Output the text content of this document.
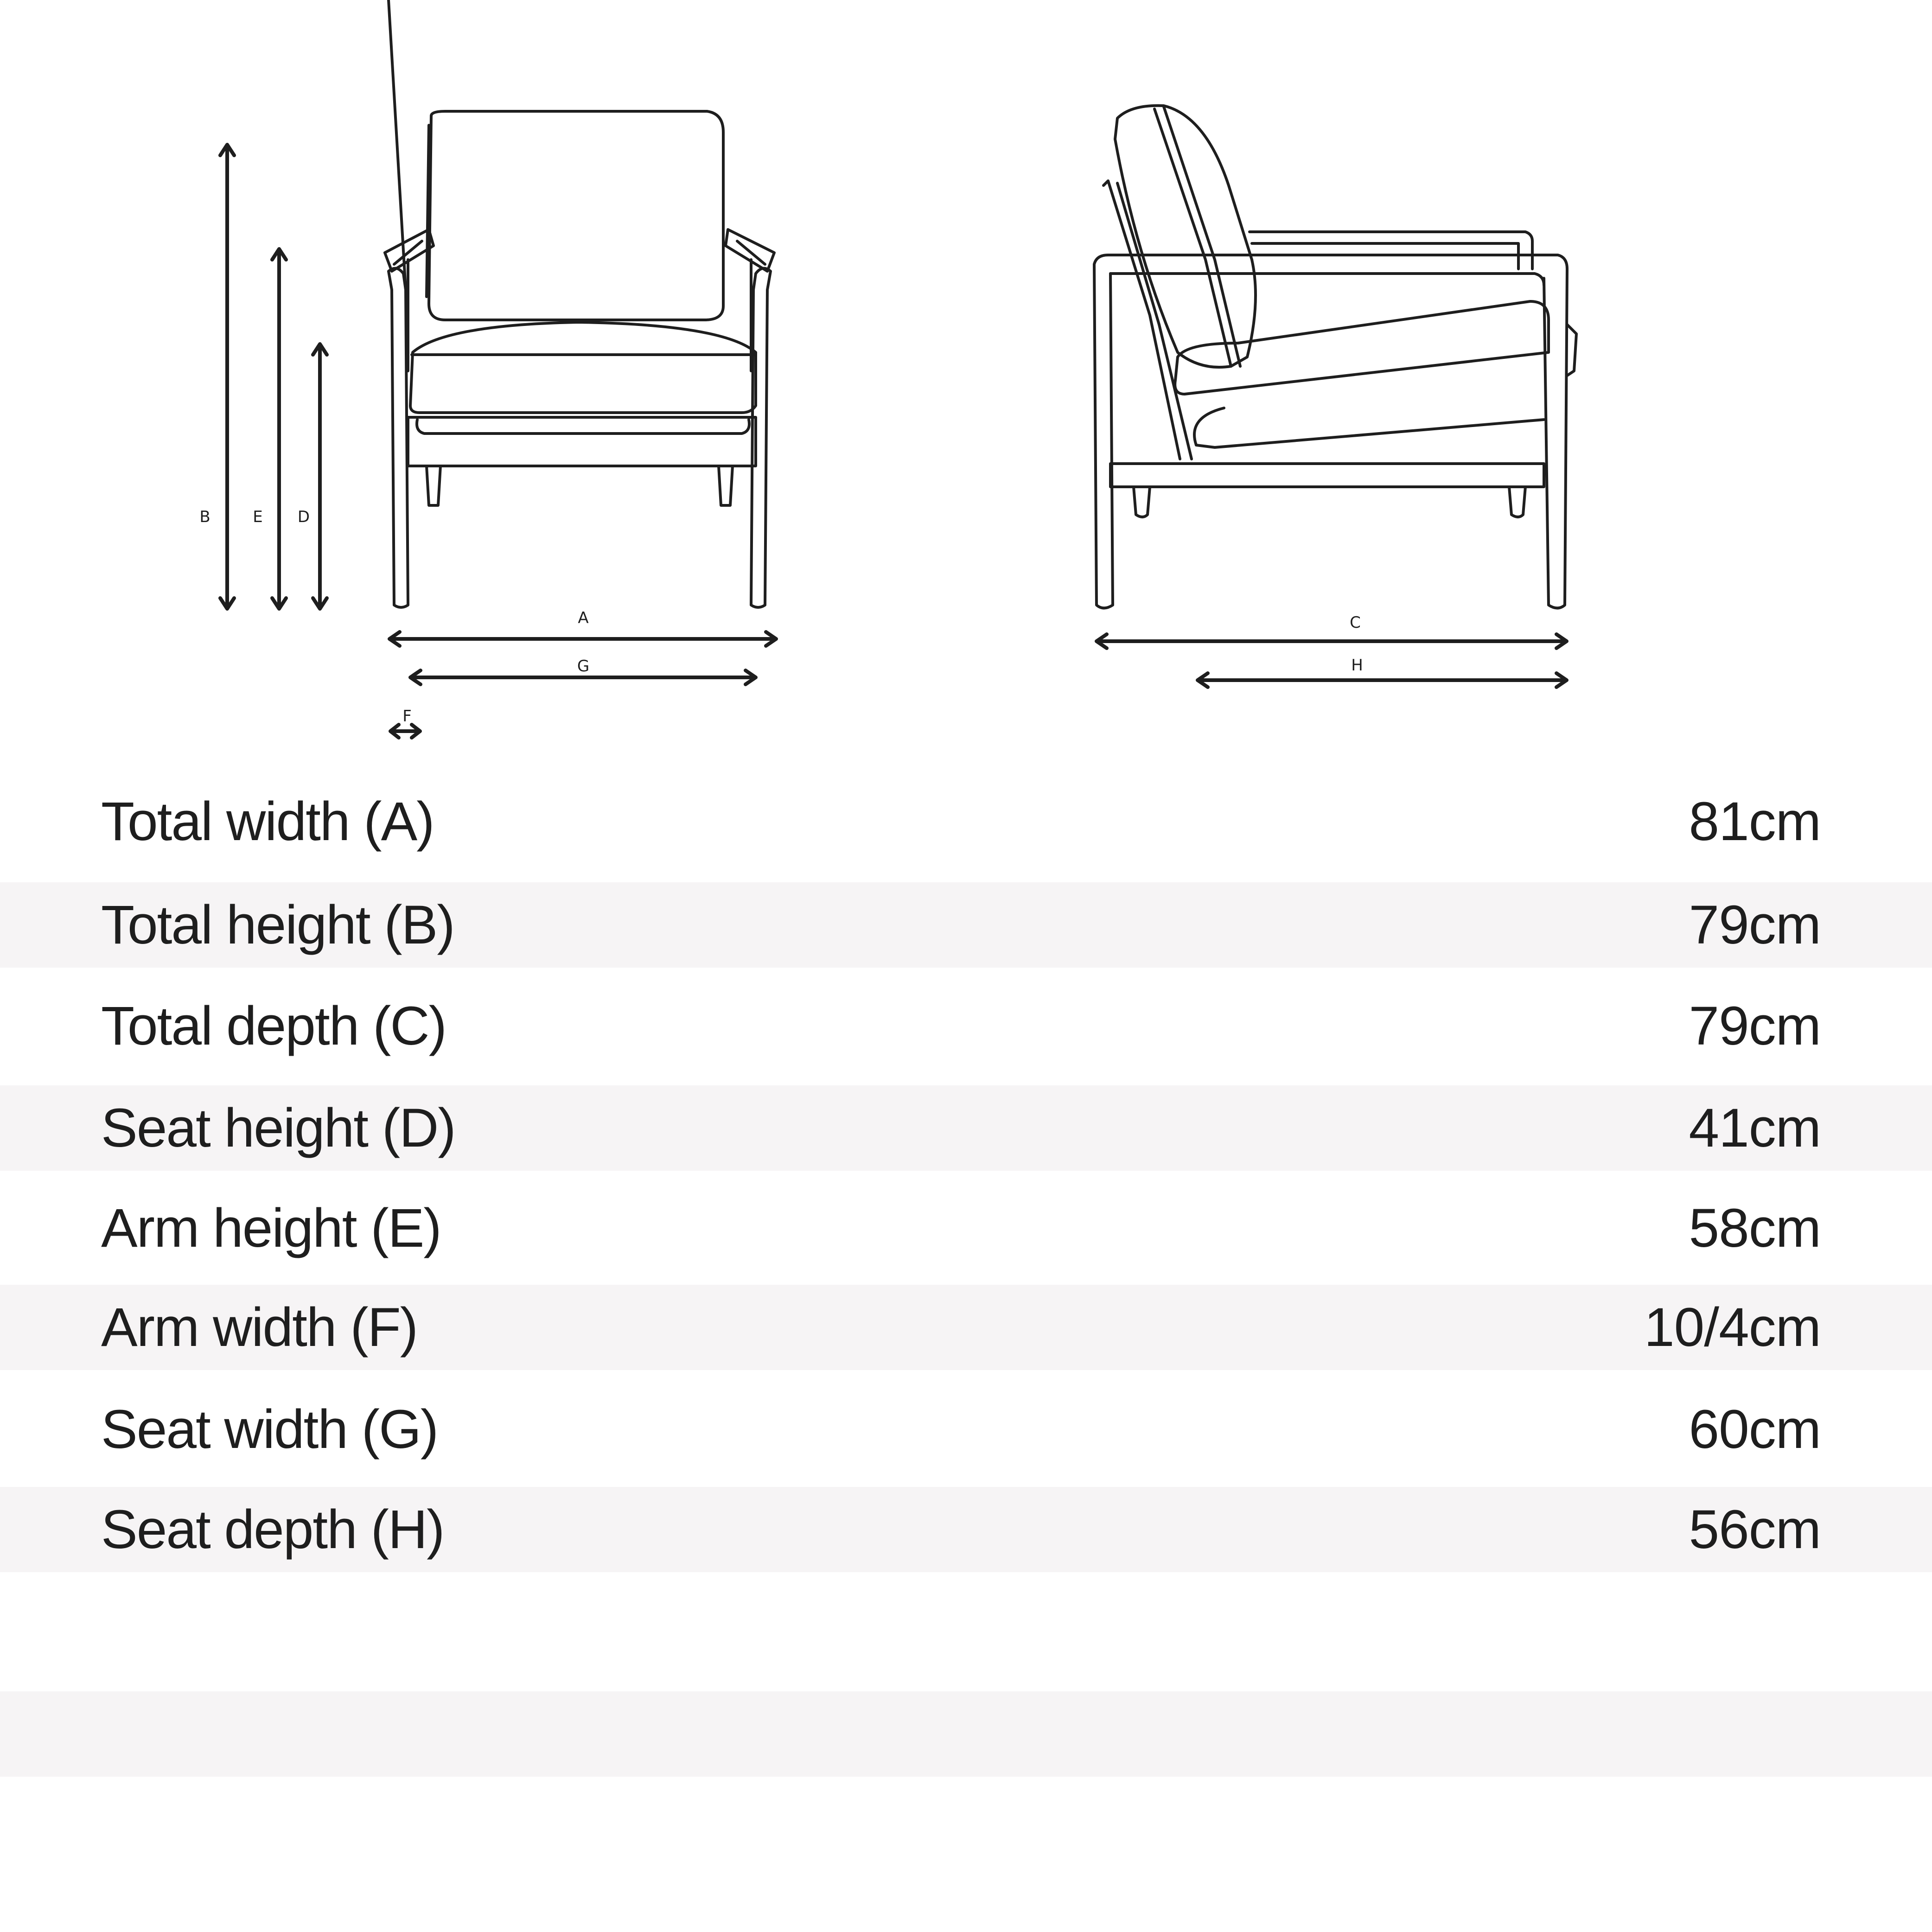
B	E D
A
G
F
C
H
Total width (A)	81cm
Total height (B)	79cm
Total depth (C)	79cm
Seat height (D)	41cm
Arm height (E)	58cm
Arm width (F)	10/4cm
Seat width (G)	60cm
Seat depth (H)	56cm
